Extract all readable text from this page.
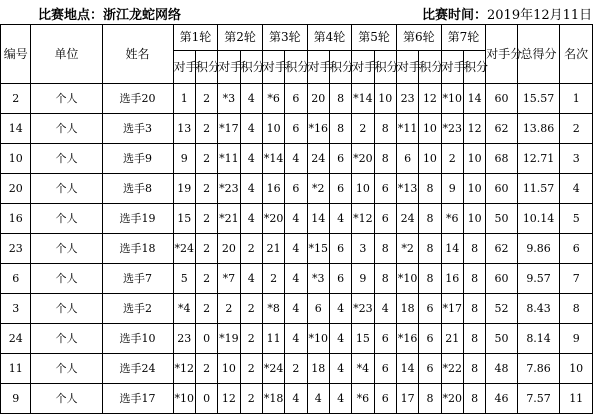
比赛地点：浙江龙蛇网络	比赛时间：2019年12月11日
编号	单位	姓名	第1轮		第2轮		第3轮		第4轮		第5轮		第6轮		第7轮		对手分	总得分	名次
			对手	积分	对手	积分	对手	积分	对手	积分	对手	积分	对手	积分	对手	积分			
2	个人	选手20	1	2	*3	4	*6	6	20	8	*14	10	23	12	*10	14	60	15.57	1
14	个人	选手3	13	2	*17	4	10	6	*16	8	2	8	*11	10	*23	12	62	13.86	2
10	个人	选手9	9	2	*11	4	*14	4	24	6	*20	8	6	10	2	10	68	12.71	3
20	个人	选手8	19	2	*23	4	16	6	*2	6	10	6	*13	8	9	10	60	11.57	4
16	个人	选手19	15	2	*21	4	*20	4	14	4	*12	6	24	8	*6	10	50	10.14	5
23	个人	选手18	*24	2	20	2	21	4	*15	6	3	8	*2	8	14	8	62	9.86	6
6	个人	选手7	5	2	*7	4	2	4	*3	6	9	8	*10	8	16	8	60	9.57	7
3	个人	选手2	*4	2	2	2	*8	4	6	4	*23	4	18	6	*17	8	52	8.43	8
24	个人	选手10	23	0	*19	2	11	4	*10	4	15	6	*16	6	21	8	50	8.14	9
11	个人	选手24	*12	2	10	2	*24	2	18	4	*4	6	14	6	*22	8	48	7.86	10
9	个人	选手17	*10	0	12	2	*18	4	4	4	*6	6	17	8	*20	8	46	7.57	11
